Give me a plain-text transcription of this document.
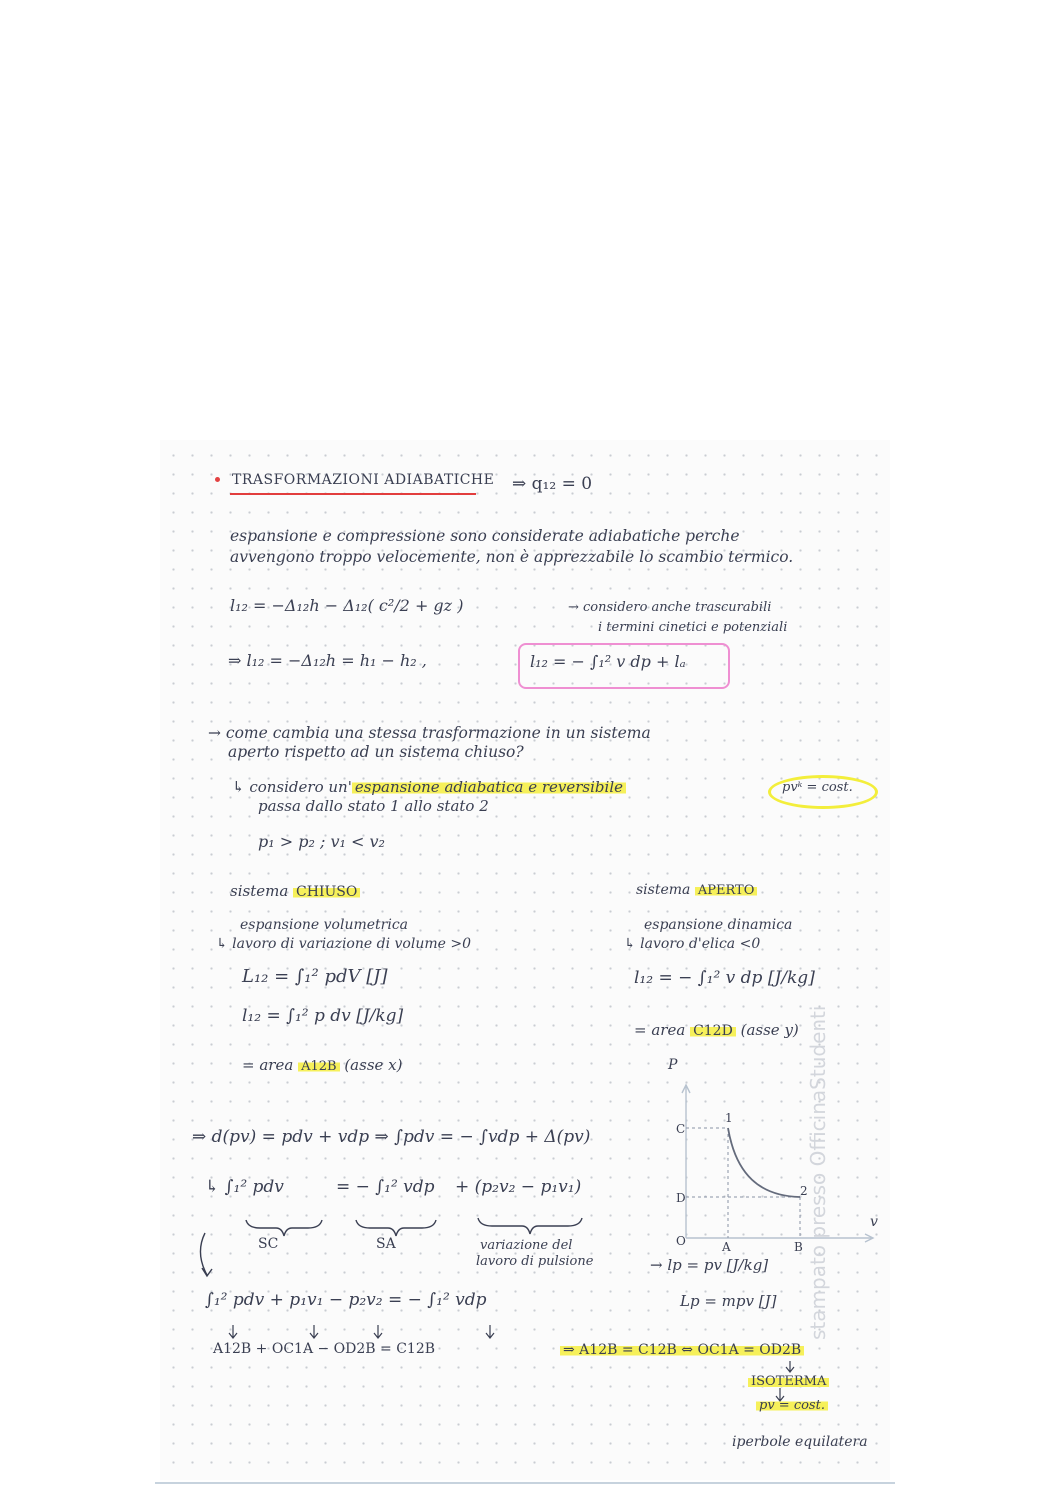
TRASFORMAZIONI ADIABATICHE ⇒ q₁₂ = 0
espansione e compressione sono considerate adiabatiche perche
avvengono troppo velocemente, non è apprezzabile lo scambio termico.
l₁₂ = −Δ₁₂h − Δ₁₂( c²/2 + gz )	→ considero anche trascurabili
i termini cinetici e potenziali
⇒ l₁₂ = −Δ₁₂h = h₁ − h₂ ,	l₁₂ = − ∫₁² v dp + lₐ
→ come cambia una stessa trasformazione in un sistema
aperto rispetto ad un sistema chiuso?
↳ considero un' espansione adiabatica e reversibile	pvᵏ = cost.
passa dallo stato 1 allo stato 2
p₁ > p₂ ; v₁ < v₂
sistema CHIUSO
espansione volumetrica
↳ lavoro di variazione di volume >0
L₁₂ = ∫₁² pdV [J]
l₁₂ = ∫₁² p dv [J/kg]
= area A12B (asse x)
sistema APERTO
espansione dinamica
↳ lavoro d'elica <0
l₁₂ = − ∫₁² v dp [J/kg]
= area C12D (asse y)
⇒ d(pv) = pdv + vdp ⇒ ∫pdv = − ∫vdp + Δ(pv)
↳ ∫₁² pdv	= − ∫₁² vdp + (p₂v₂ − p₁v₁)
SC	SA	variazione del
lavoro di pulsione	→ lp = pv [J/kg]
Lp = mpv [J]
∫₁² pdv + p₁v₁ − p₂v₂ = − ∫₁² vdp
A12B + OC1A − OD2B = C12B	⇒ A12B = C12B ⇔ OC1A = OD2B
ISOTERMA
pv = cost.
iperbole equilatera
P
v
O
C
D
A	B
1
2
stampato presso OfficinaStudenti
